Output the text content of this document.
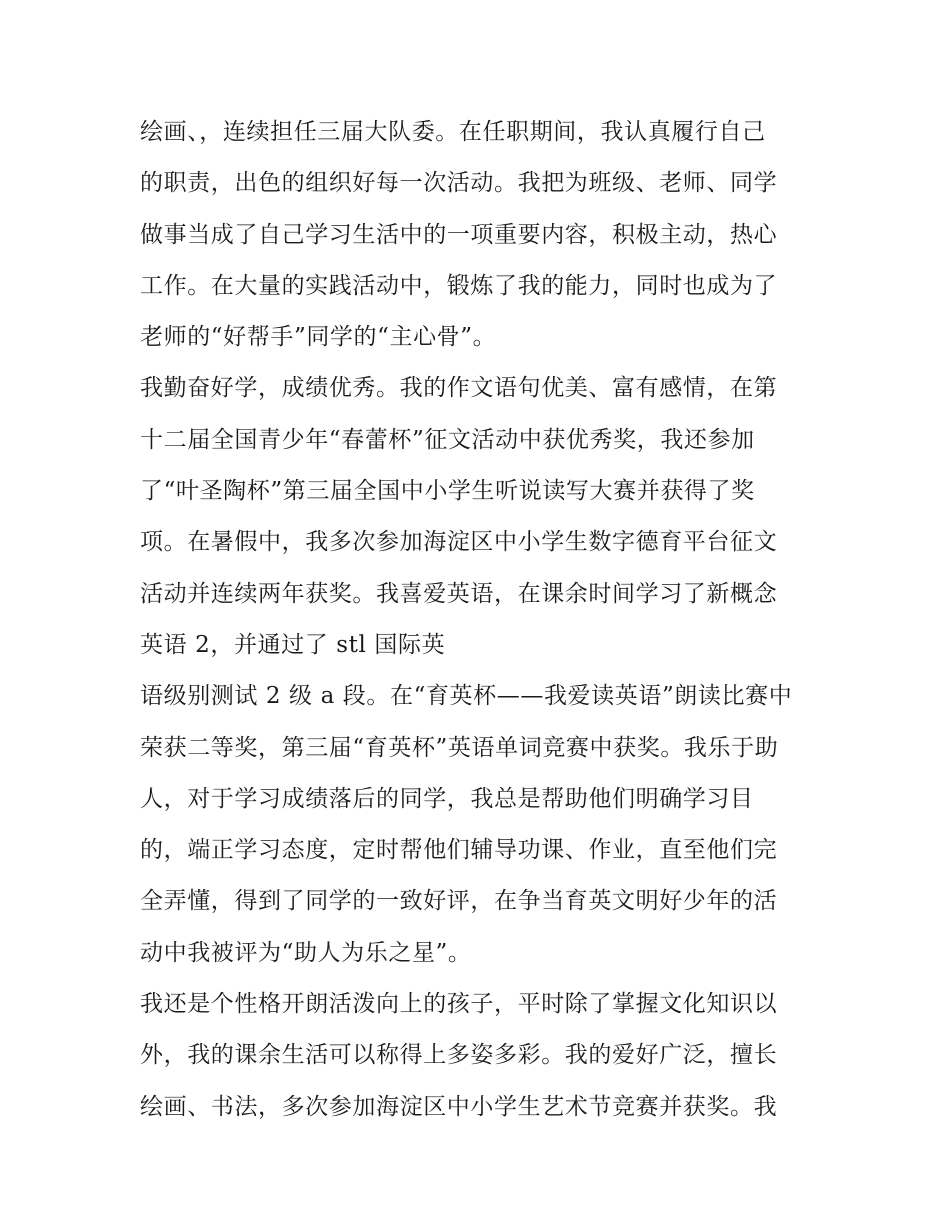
绘画、，连续担任三届大队委。在任职期间，我认真履行自己
的职责，出色的组织好每一次活动。我把为班级、老师、同学
做事当成了自己学习生活中的一项重要内容，积极主动，热心
工作。在大量的实践活动中，锻炼了我的能力，同时也成为了
老师的“好帮手”同学的“主心骨”。
我勤奋好学，成绩优秀。我的作文语句优美、富有感情，在第
十二届全国青少年“春蕾杯”征文活动中获优秀奖，我还参加
了“叶圣陶杯”第三届全国中小学生听说读写大赛并获得了奖
项。在暑假中，我多次参加海淀区中小学生数字德育平台征文
活动并连续两年获奖。我喜爱英语，在课余时间学习了新概念
英语 2，并通过了 stl 国际英
语级别测试 2 级 a 段。在“育英杯——我爱读英语”朗读比赛中
荣获二等奖，第三届“育英杯”英语单词竞赛中获奖。我乐于助
人，对于学习成绩落后的同学，我总是帮助他们明确学习目
的，端正学习态度，定时帮他们辅导功课、作业，直至他们完
全弄懂，得到了同学的一致好评，在争当育英文明好少年的活
动中我被评为“助人为乐之星”。
我还是个性格开朗活泼向上的孩子，平时除了掌握文化知识以
外，我的课余生活可以称得上多姿多彩。我的爱好广泛，擅长
绘画、书法，多次参加海淀区中小学生艺术节竞赛并获奖。我
